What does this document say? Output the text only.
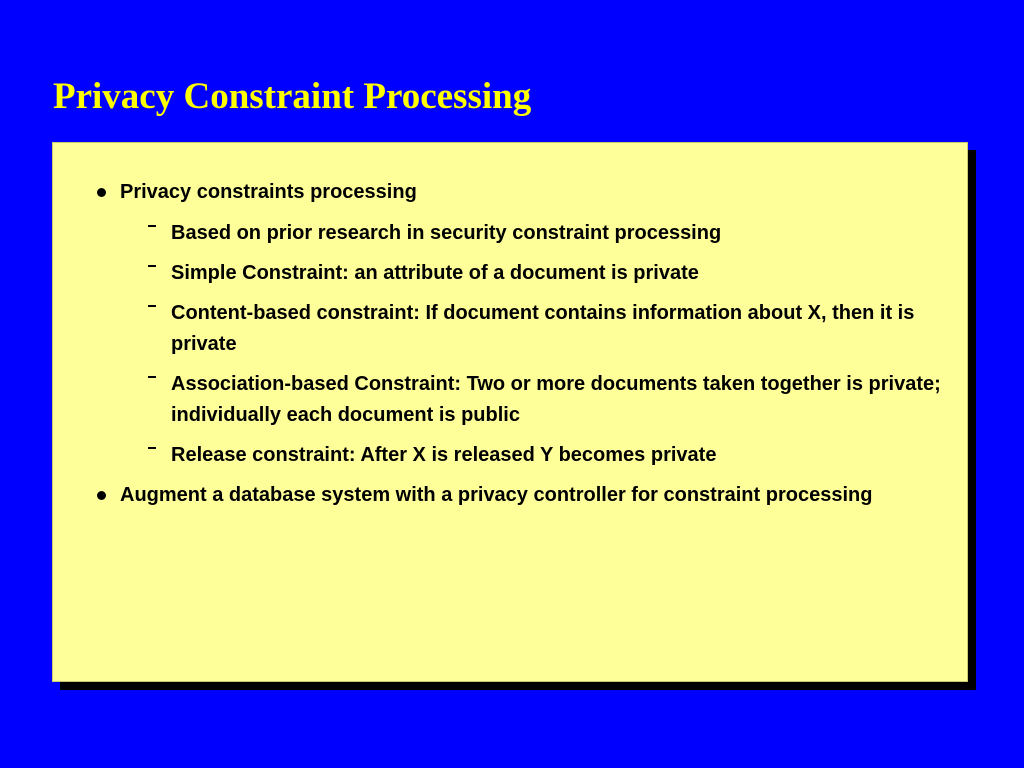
Privacy Constraint Processing
Privacy constraints processing
Based on prior research in security constraint processing
Simple Constraint: an attribute of a document is private
Content-based constraint: If document contains information about X, then it is private
Association-based Constraint: Two or more documents taken together is private; individually each document is public
Release constraint: After X is released Y becomes private
Augment a database system with a privacy controller for constraint processing
